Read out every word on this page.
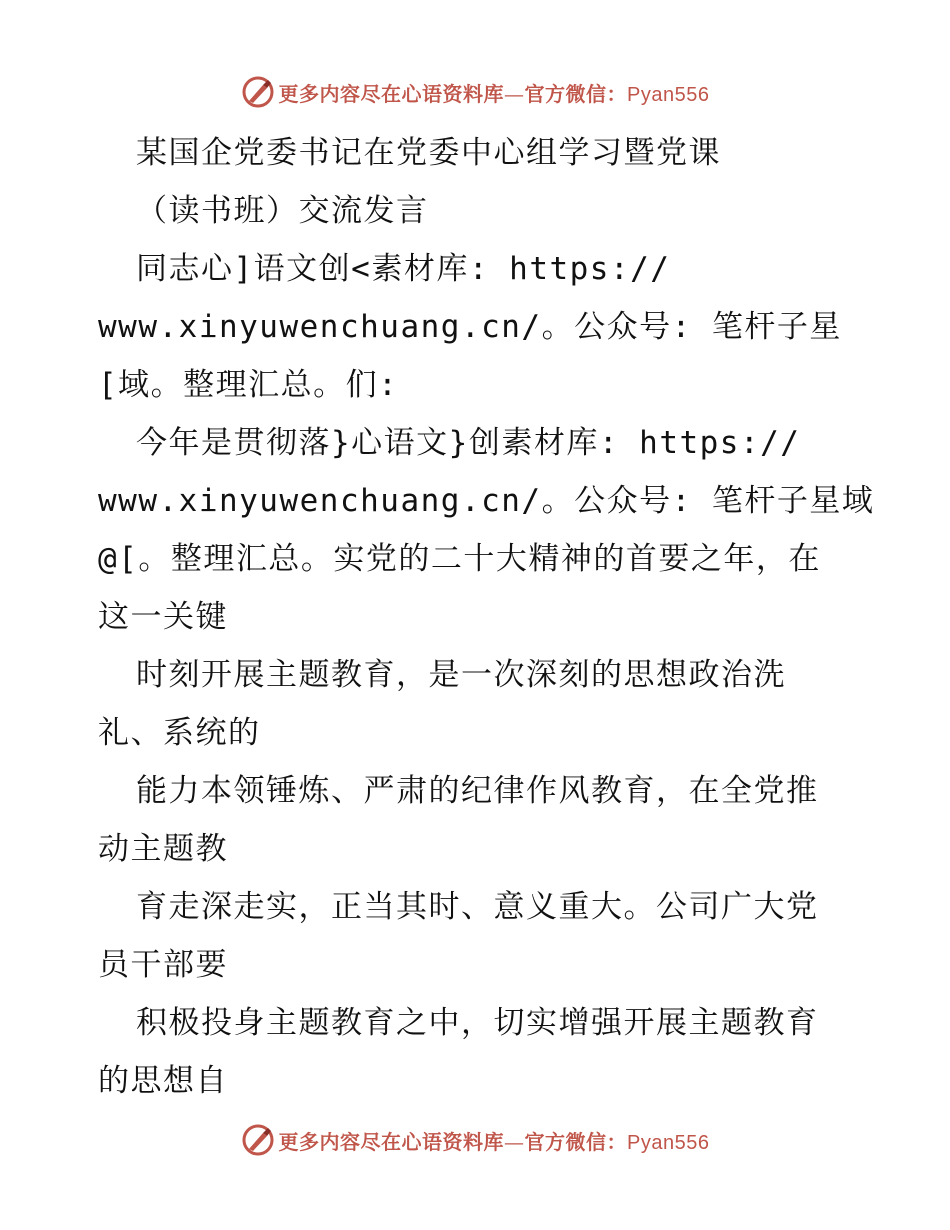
更多内容尽在心语资料库—官方微信：Pyan556
某国企党委书记在党委中心组学习暨党课
（读书班）交流发言
同志心]语文创<素材库: https://
www.xinyuwenchuang.cn/。公众号: 笔杆子星
[域。整理汇总。们:
今年是贯彻落}心语文}创素材库: https://
www.xinyuwenchuang.cn/。公众号: 笔杆子星域
@[。整理汇总。实党的二十大精神的首要之年，在
这一关键
时刻开展主题教育，是一次深刻的思想政治洗
礼、系统的
能力本领锤炼、严肃的纪律作风教育，在全党推
动主题教
育走深走实，正当其时、意义重大。公司广大党
员干部要
积极投身主题教育之中，切实增强开展主题教育
的思想自
更多内容尽在心语资料库—官方微信：Pyan556
